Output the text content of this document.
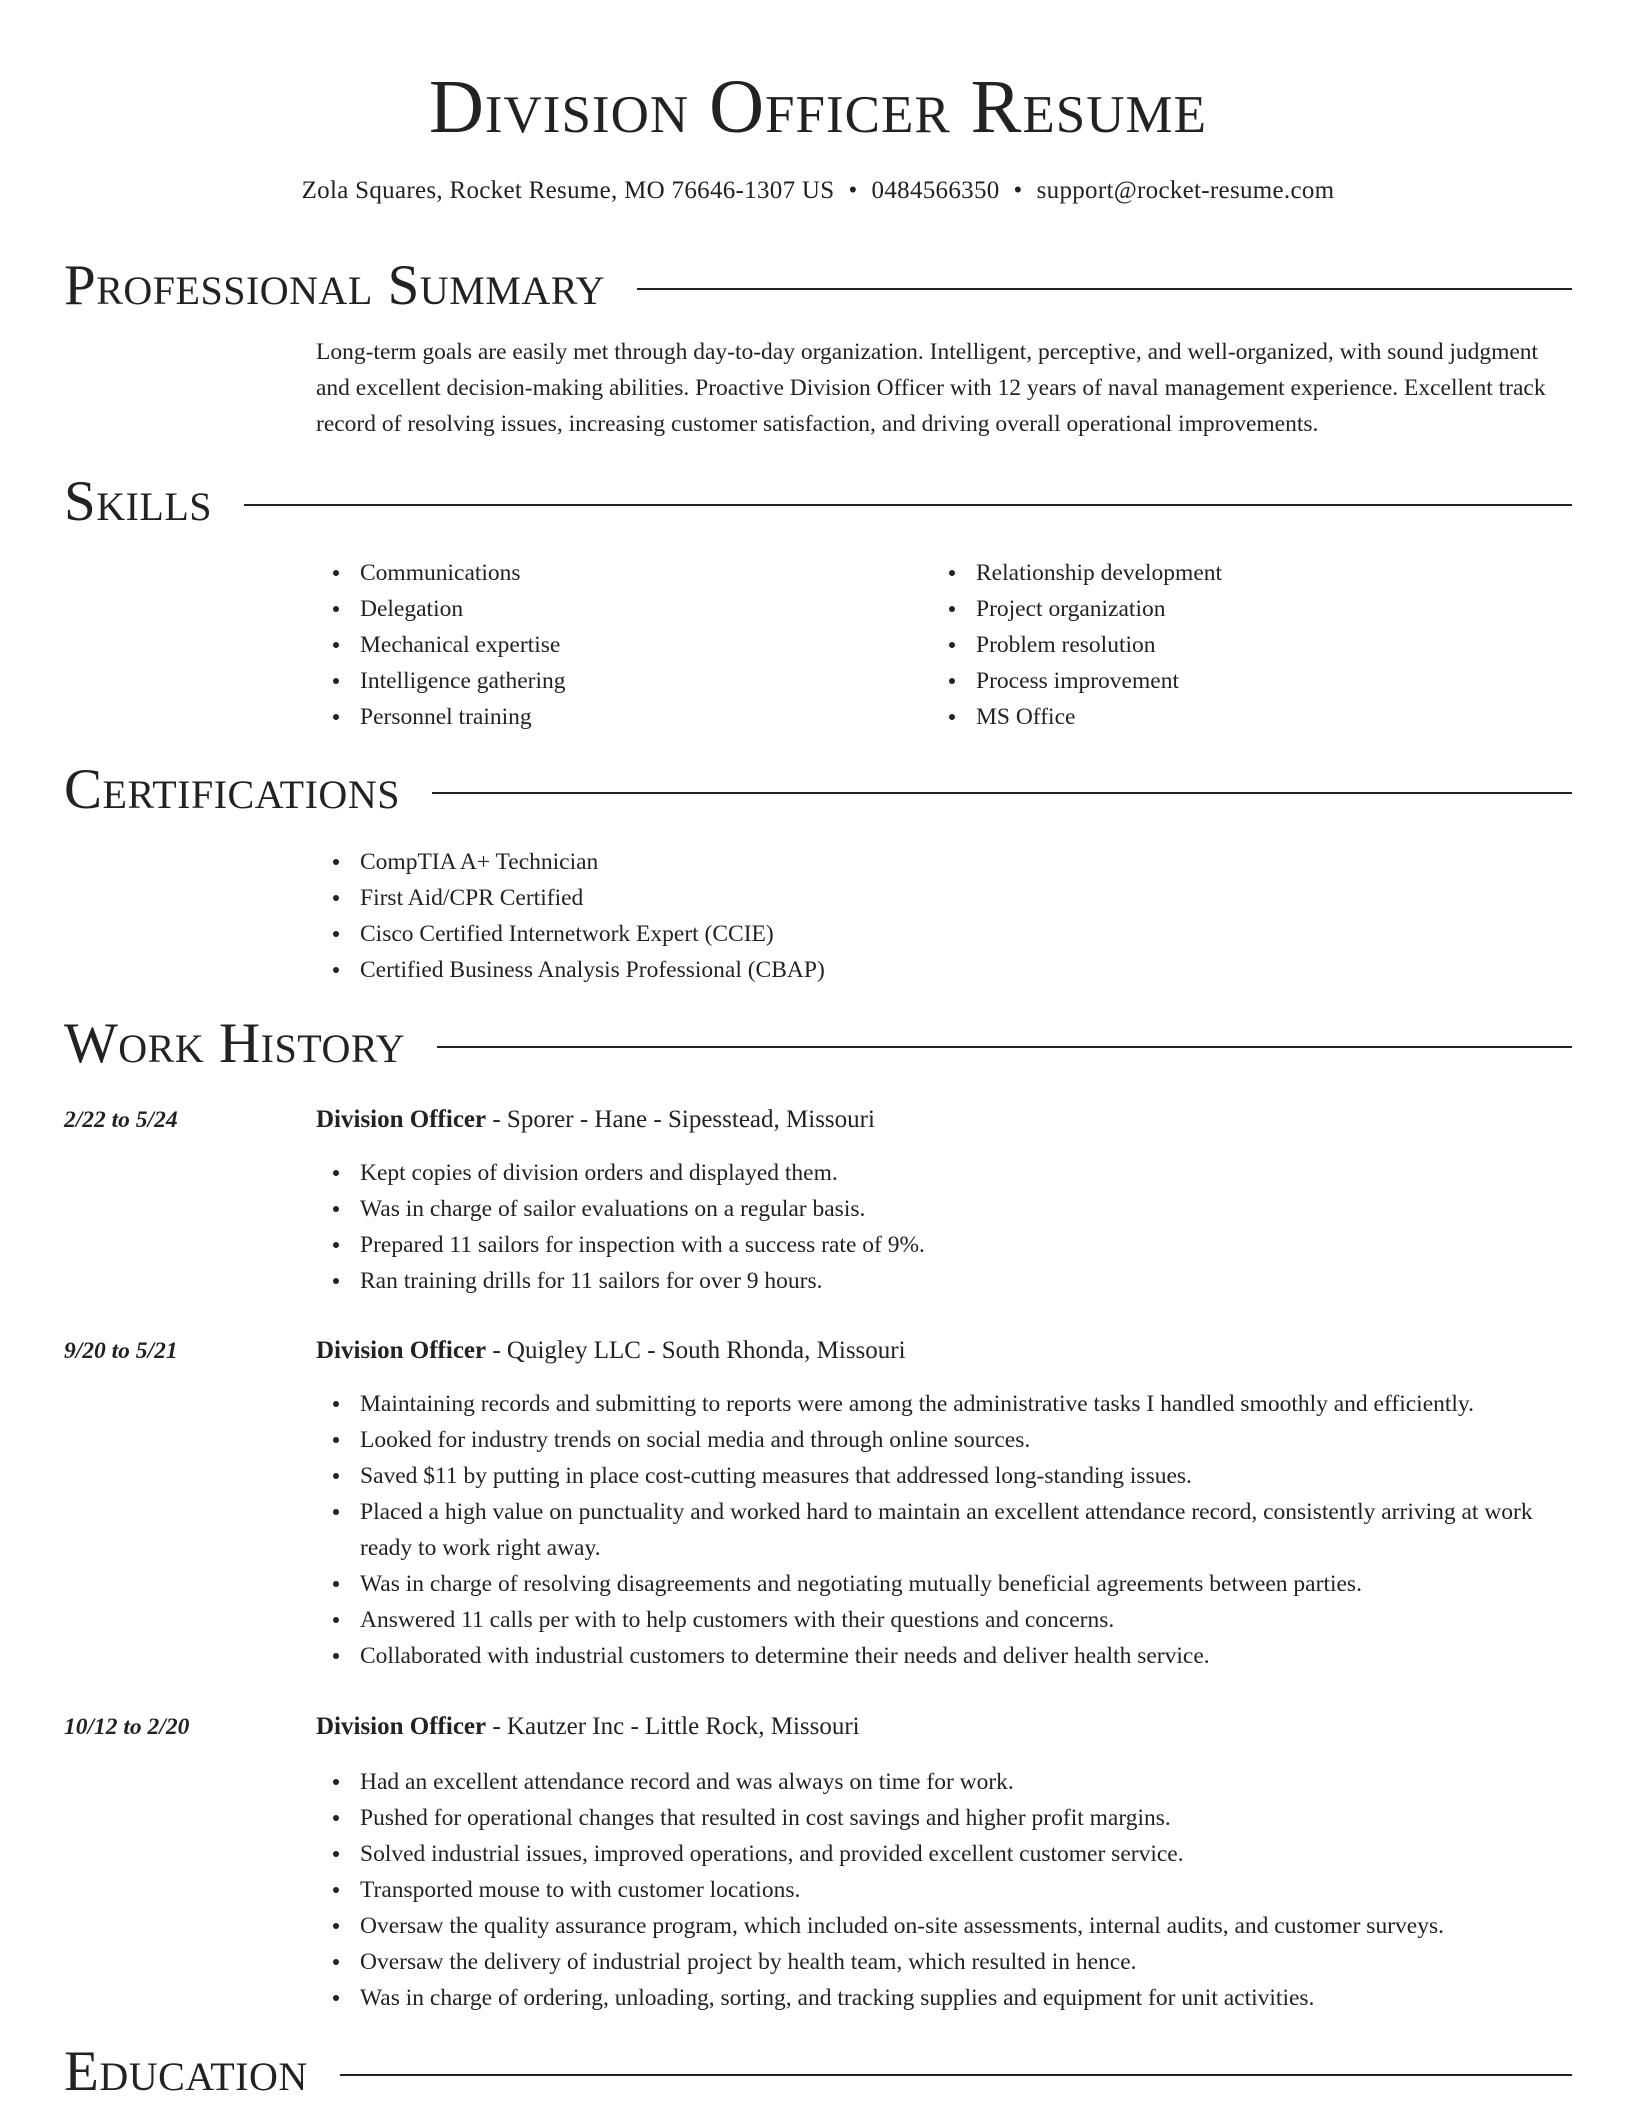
Division Officer Resume
Zola Squares, Rocket Resume, MO 76646-1307 US • 0484566350 • support@rocket-resume.com
Professional Summary
Long-term goals are easily met through day-to-day organization. Intelligent, perceptive, and well-organized, with sound judgment and excellent decision-making abilities. Proactive Division Officer with 12 years of naval management experience. Excellent track record of resolving issues, increasing customer satisfaction, and driving overall operational improvements.
Skills
Communications
Delegation
Mechanical expertise
Intelligence gathering
Personnel training
Relationship development
Project organization
Problem resolution
Process improvement
MS Office
Certifications
CompTIA A+ Technician
First Aid/CPR Certified
Cisco Certified Internetwork Expert (CCIE)
Certified Business Analysis Professional (CBAP)
Work History
2/22 to 5/24	Division Officer - Sporer - Hane - Sipesstead, Missouri
Kept copies of division orders and displayed them.
Was in charge of sailor evaluations on a regular basis.
Prepared 11 sailors for inspection with a success rate of 9%.
Ran training drills for 11 sailors for over 9 hours.
9/20 to 5/21	Division Officer - Quigley LLC - South Rhonda, Missouri
Maintaining records and submitting to reports were among the administrative tasks I handled smoothly and efficiently.
Looked for industry trends on social media and through online sources.
Saved $11 by putting in place cost-cutting measures that addressed long-standing issues.
Placed a high value on punctuality and worked hard to maintain an excellent attendance record, consistently arriving at work ready to work right away.
Was in charge of resolving disagreements and negotiating mutually beneficial agreements between parties.
Answered 11 calls per with to help customers with their questions and concerns.
Collaborated with industrial customers to determine their needs and deliver health service.
10/12 to 2/20	Division Officer - Kautzer Inc - Little Rock, Missouri
Had an excellent attendance record and was always on time for work.
Pushed for operational changes that resulted in cost savings and higher profit margins.
Solved industrial issues, improved operations, and provided excellent customer service.
Transported mouse to with customer locations.
Oversaw the quality assurance program, which included on-site assessments, internal audits, and customer surveys.
Oversaw the delivery of industrial project by health team, which resulted in hence.
Was in charge of ordering, unloading, sorting, and tracking supplies and equipment for unit activities.
Education
